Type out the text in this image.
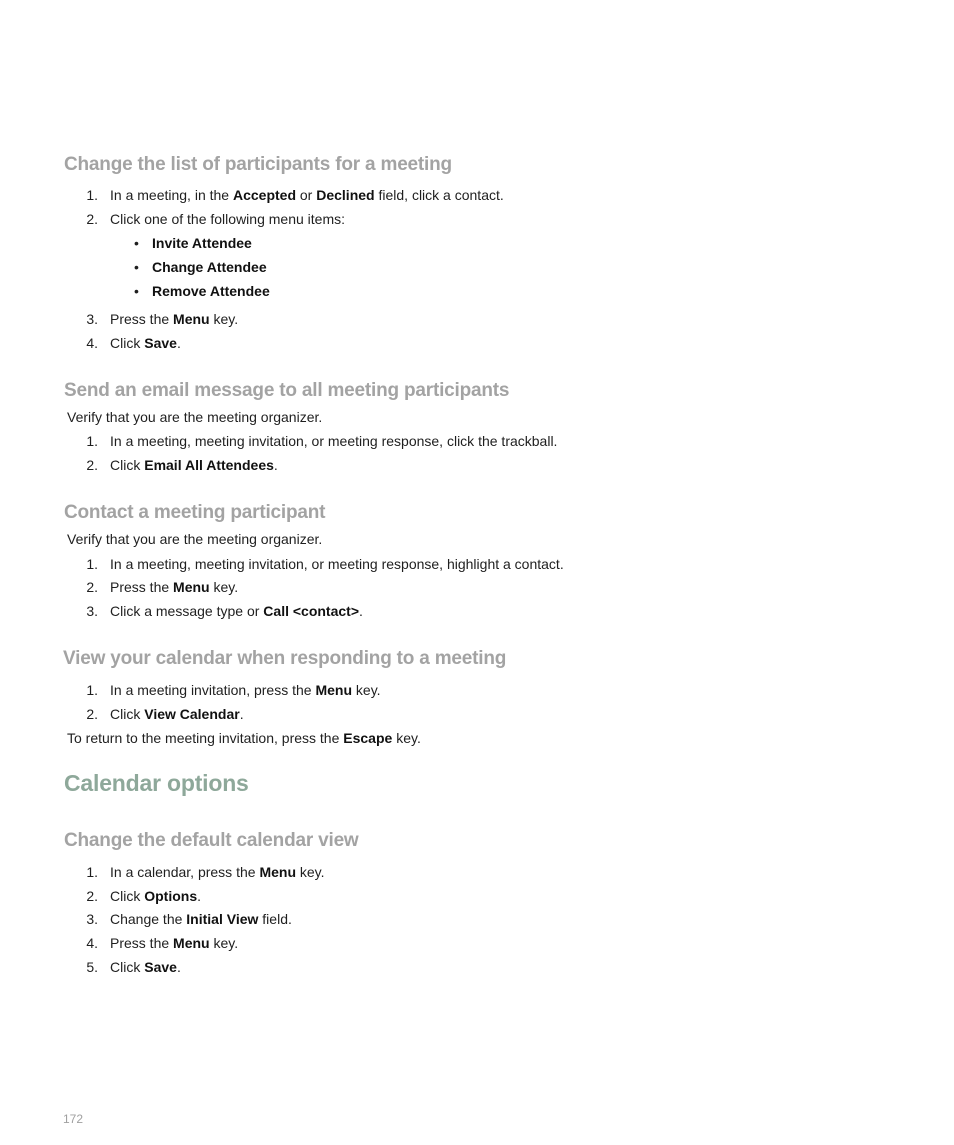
Change the list of participants for a meeting
1. In a meeting, in the Accepted or Declined field, click a contact.
2. Click one of the following menu items:
• Invite Attendee
• Change Attendee
• Remove Attendee
3. Press the Menu key.
4. Click Save.
Send an email message to all meeting participants
Verify that you are the meeting organizer.
1. In a meeting, meeting invitation, or meeting response, click the trackball.
2. Click Email All Attendees.
Contact a meeting participant
Verify that you are the meeting organizer.
1. In a meeting, meeting invitation, or meeting response, highlight a contact.
2. Press the Menu key.
3. Click a message type or Call <contact>.
View your calendar when responding to a meeting
1. In a meeting invitation, press the Menu key.
2. Click View Calendar.
To return to the meeting invitation, press the Escape key.
Calendar options
Change the default calendar view
1. In a calendar, press the Menu key.
2. Click Options.
3. Change the Initial View field.
4. Press the Menu key.
5. Click Save.
172
